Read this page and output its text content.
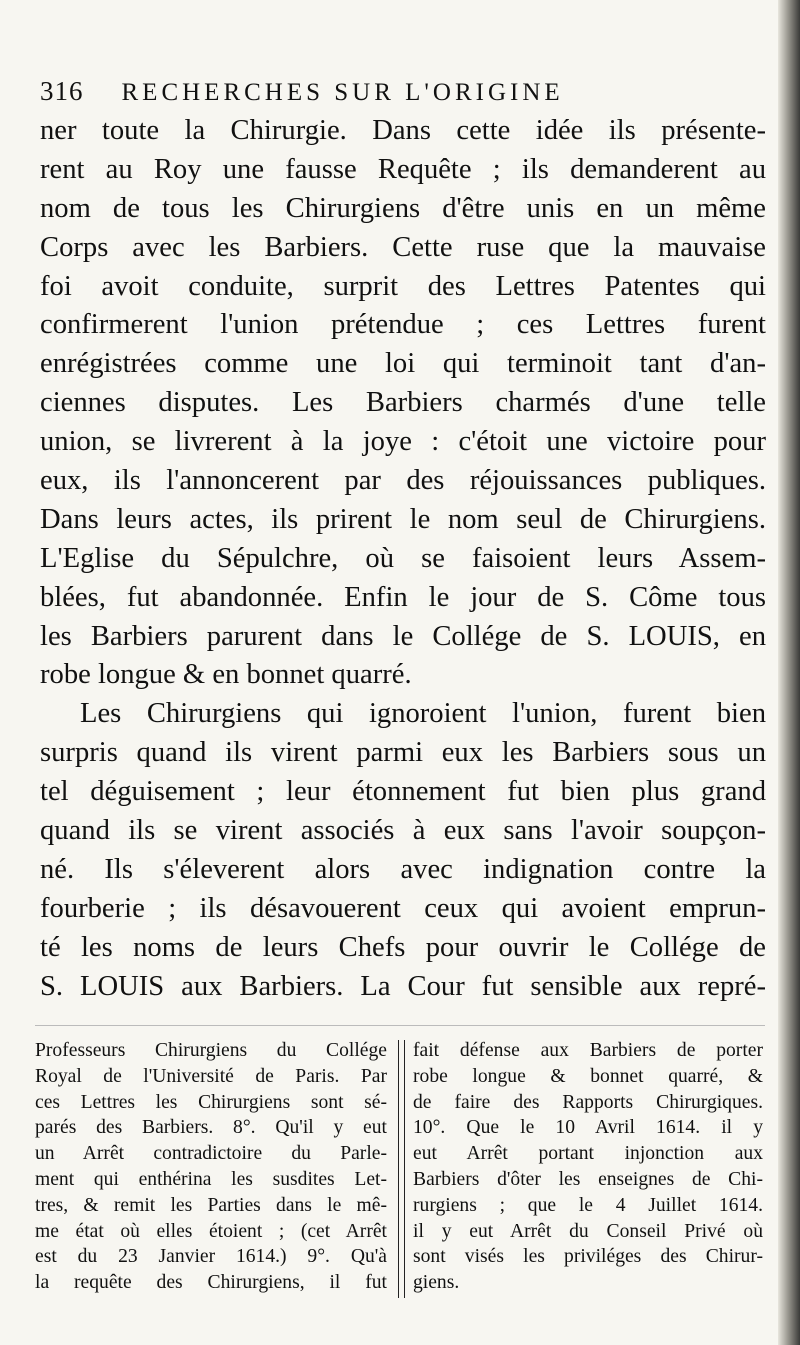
316 RECHERCHES SUR L'ORIGINE
ner toute la Chirurgie. Dans cette idée ils présente-
rent au Roy une fausse Requête ; ils demanderent au
nom de tous les Chirurgiens d'être unis en un même
Corps avec les Barbiers. Cette ruse que la mauvaise
foi avoit conduite, surprit des Lettres Patentes qui
confirmerent l'union prétendue ; ces Lettres furent
enrégistrées comme une loi qui terminoit tant d'an-
ciennes disputes. Les Barbiers charmés d'une telle
union, se livrerent à la joye : c'étoit une victoire pour
eux, ils l'annoncerent par des réjouissances publiques.
Dans leurs actes, ils prirent le nom seul de Chirurgiens.
L'Eglise du Sépulchre, où se faisoient leurs Assem-
blées, fut abandonnée. Enfin le jour de S. Côme tous
les Barbiers parurent dans le Collége de S. LOUIS, en
robe longue & en bonnet quarré.
Les Chirurgiens qui ignoroient l'union, furent bien
surpris quand ils virent parmi eux les Barbiers sous un
tel déguisement ; leur étonnement fut bien plus grand
quand ils se virent associés à eux sans l'avoir soupçon-
né. Ils s'éleverent alors avec indignation contre la
fourberie ; ils désavouerent ceux qui avoient emprun-
té les noms de leurs Chefs pour ouvrir le Collége de
S. LOUIS aux Barbiers. La Cour fut sensible aux repré-
Professeurs Chirurgiens du Collége
Royal de l'Université de Paris. Par
ces Lettres les Chirurgiens sont sé-
parés des Barbiers. 8°. Qu'il y eut
un Arrêt contradictoire du Parle-
ment qui enthérina les susdites Let-
tres, & remit les Parties dans le mê-
me état où elles étoient ; (cet Arrêt
est du 23 Janvier 1614.) 9°. Qu'à
la requête des Chirurgiens, il fut
fait défense aux Barbiers de porter
robe longue & bonnet quarré, &
de faire des Rapports Chirurgiques.
10°. Que le 10 Avril 1614. il y
eut Arrêt portant injonction aux
Barbiers d'ôter les enseignes de Chi-
rurgiens ; que le 4 Juillet 1614.
il y eut Arrêt du Conseil Privé où
sont visés les priviléges des Chirur-
giens.
